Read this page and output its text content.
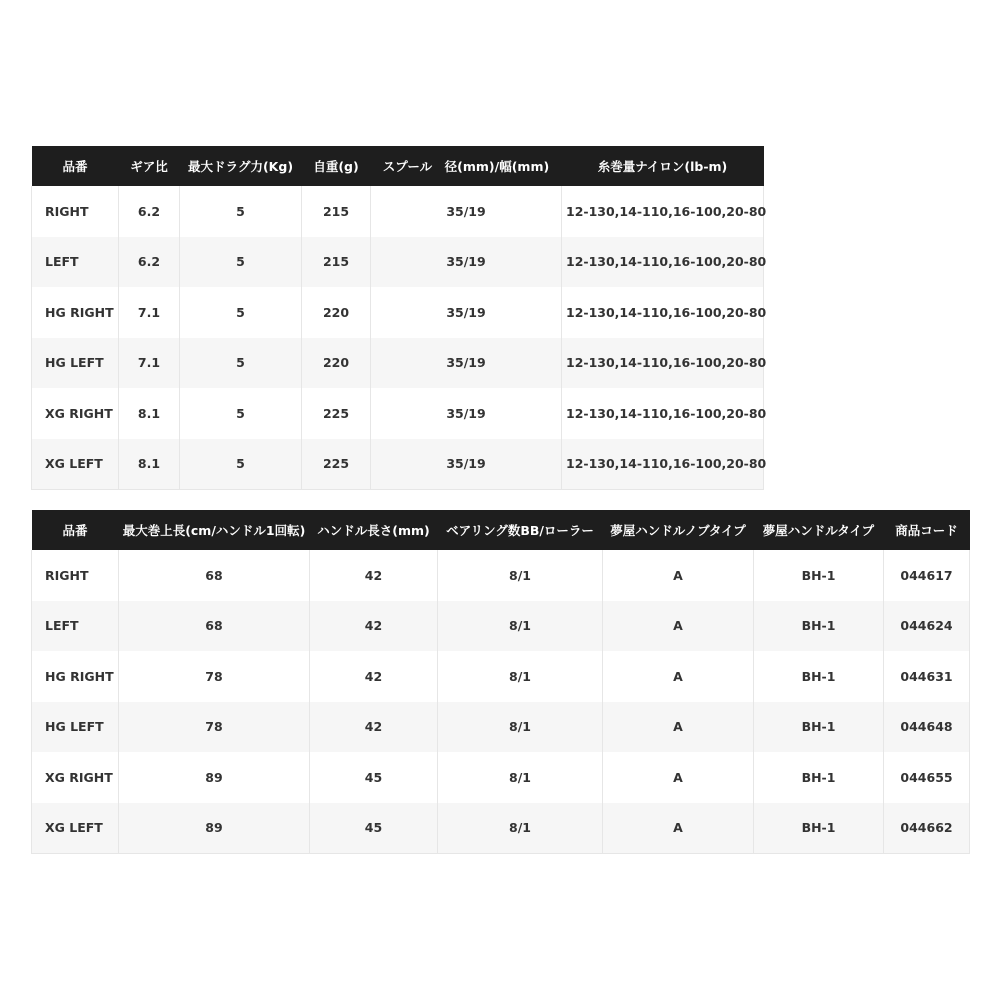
品番	ギア比	最大ドラグ力(Kg)	自重(g)	スプール　径(mm)/幅(mm)	糸巻量ナイロン(lb-m)
RIGHT	6.2	5	215	35/19	12-130,14-110,16-100,20-80
LEFT	6.2	5	215	35/19	12-130,14-110,16-100,20-80
HG RIGHT	7.1	5	220	35/19	12-130,14-110,16-100,20-80
HG LEFT	7.1	5	220	35/19	12-130,14-110,16-100,20-80
XG RIGHT	8.1	5	225	35/19	12-130,14-110,16-100,20-80
XG LEFT	8.1	5	225	35/19	12-130,14-110,16-100,20-80
品番	最大巻上長(cm/ハンドル1回転)	ハンドル長さ(mm)	ベアリング数BB/ローラー	夢屋ハンドルノブタイプ	夢屋ハンドルタイプ	商品コード
RIGHT	68	42	8/1	A	BH-1	044617
LEFT	68	42	8/1	A	BH-1	044624
HG RIGHT	78	42	8/1	A	BH-1	044631
HG LEFT	78	42	8/1	A	BH-1	044648
XG RIGHT	89	45	8/1	A	BH-1	044655
XG LEFT	89	45	8/1	A	BH-1	044662
